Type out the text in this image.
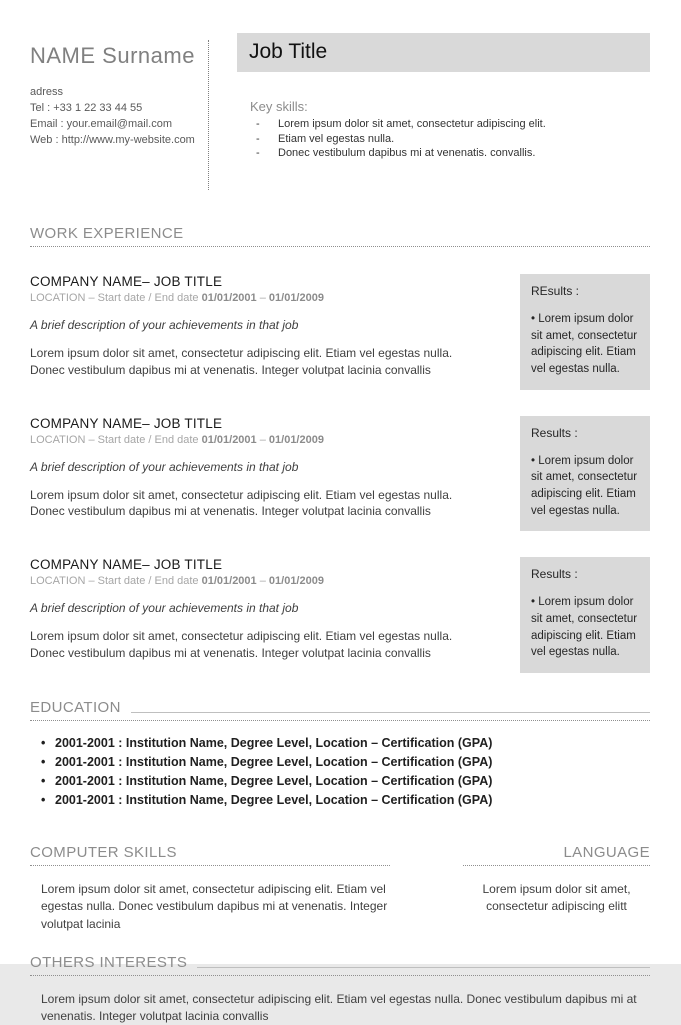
NAME Surname
adress
Tel : +33 1 22 33 44 55
Email : your.email@mail.com
Web : http://www.my-website.com
Job Title
Key skills:
-
Lorem ipsum dolor sit amet, consectetur adipiscing elit.
-
Etiam vel egestas nulla.
-
Donec vestibulum dapibus mi at venenatis. convallis.
WORK EXPERIENCE
COMPANY NAME– JOB TITLE
LOCATION – Start date / End date 01/01/2001 – 01/01/2009
A brief description of your achievements in that job
Lorem ipsum dolor sit amet, consectetur adipiscing elit. Etiam vel egestas nulla. Donec vestibulum dapibus mi at venenatis. Integer volutpat lacinia convallis
REsults :
• Lorem ipsum dolor sit amet, consectetur adipiscing elit. Etiam vel egestas nulla.
COMPANY NAME– JOB TITLE
LOCATION – Start date / End date 01/01/2001 – 01/01/2009
A brief description of your achievements in that job
Lorem ipsum dolor sit amet, consectetur adipiscing elit. Etiam vel egestas nulla. Donec vestibulum dapibus mi at venenatis. Integer volutpat lacinia convallis
Results :
• Lorem ipsum dolor sit amet, consectetur adipiscing elit. Etiam vel egestas nulla.
COMPANY NAME– JOB TITLE
LOCATION – Start date / End date 01/01/2001 – 01/01/2009
A brief description of your achievements in that job
Lorem ipsum dolor sit amet, consectetur adipiscing elit. Etiam vel egestas nulla. Donec vestibulum dapibus mi at venenatis. Integer volutpat lacinia convallis
Results :
• Lorem ipsum dolor sit amet, consectetur adipiscing elit. Etiam vel egestas nulla.
EDUCATION
•
2001-2001 : Institution Name, Degree Level, Location – Certification (GPA)
•
2001-2001 : Institution Name, Degree Level, Location – Certification (GPA)
•
2001-2001 : Institution Name, Degree Level, Location – Certification (GPA)
•
2001-2001 : Institution Name, Degree Level, Location – Certification (GPA)
COMPUTER SKILLS
Lorem ipsum dolor sit amet, consectetur adipiscing elit. Etiam vel egestas nulla. Donec vestibulum dapibus mi at venenatis. Integer volutpat lacinia
LANGUAGE
Lorem ipsum dolor sit amet, consectetur adipiscing elitt
OTHERS INTERESTS
Lorem ipsum dolor sit amet, consectetur adipiscing elit. Etiam vel egestas nulla. Donec vestibulum dapibus mi at venenatis. Integer volutpat lacinia convallis
